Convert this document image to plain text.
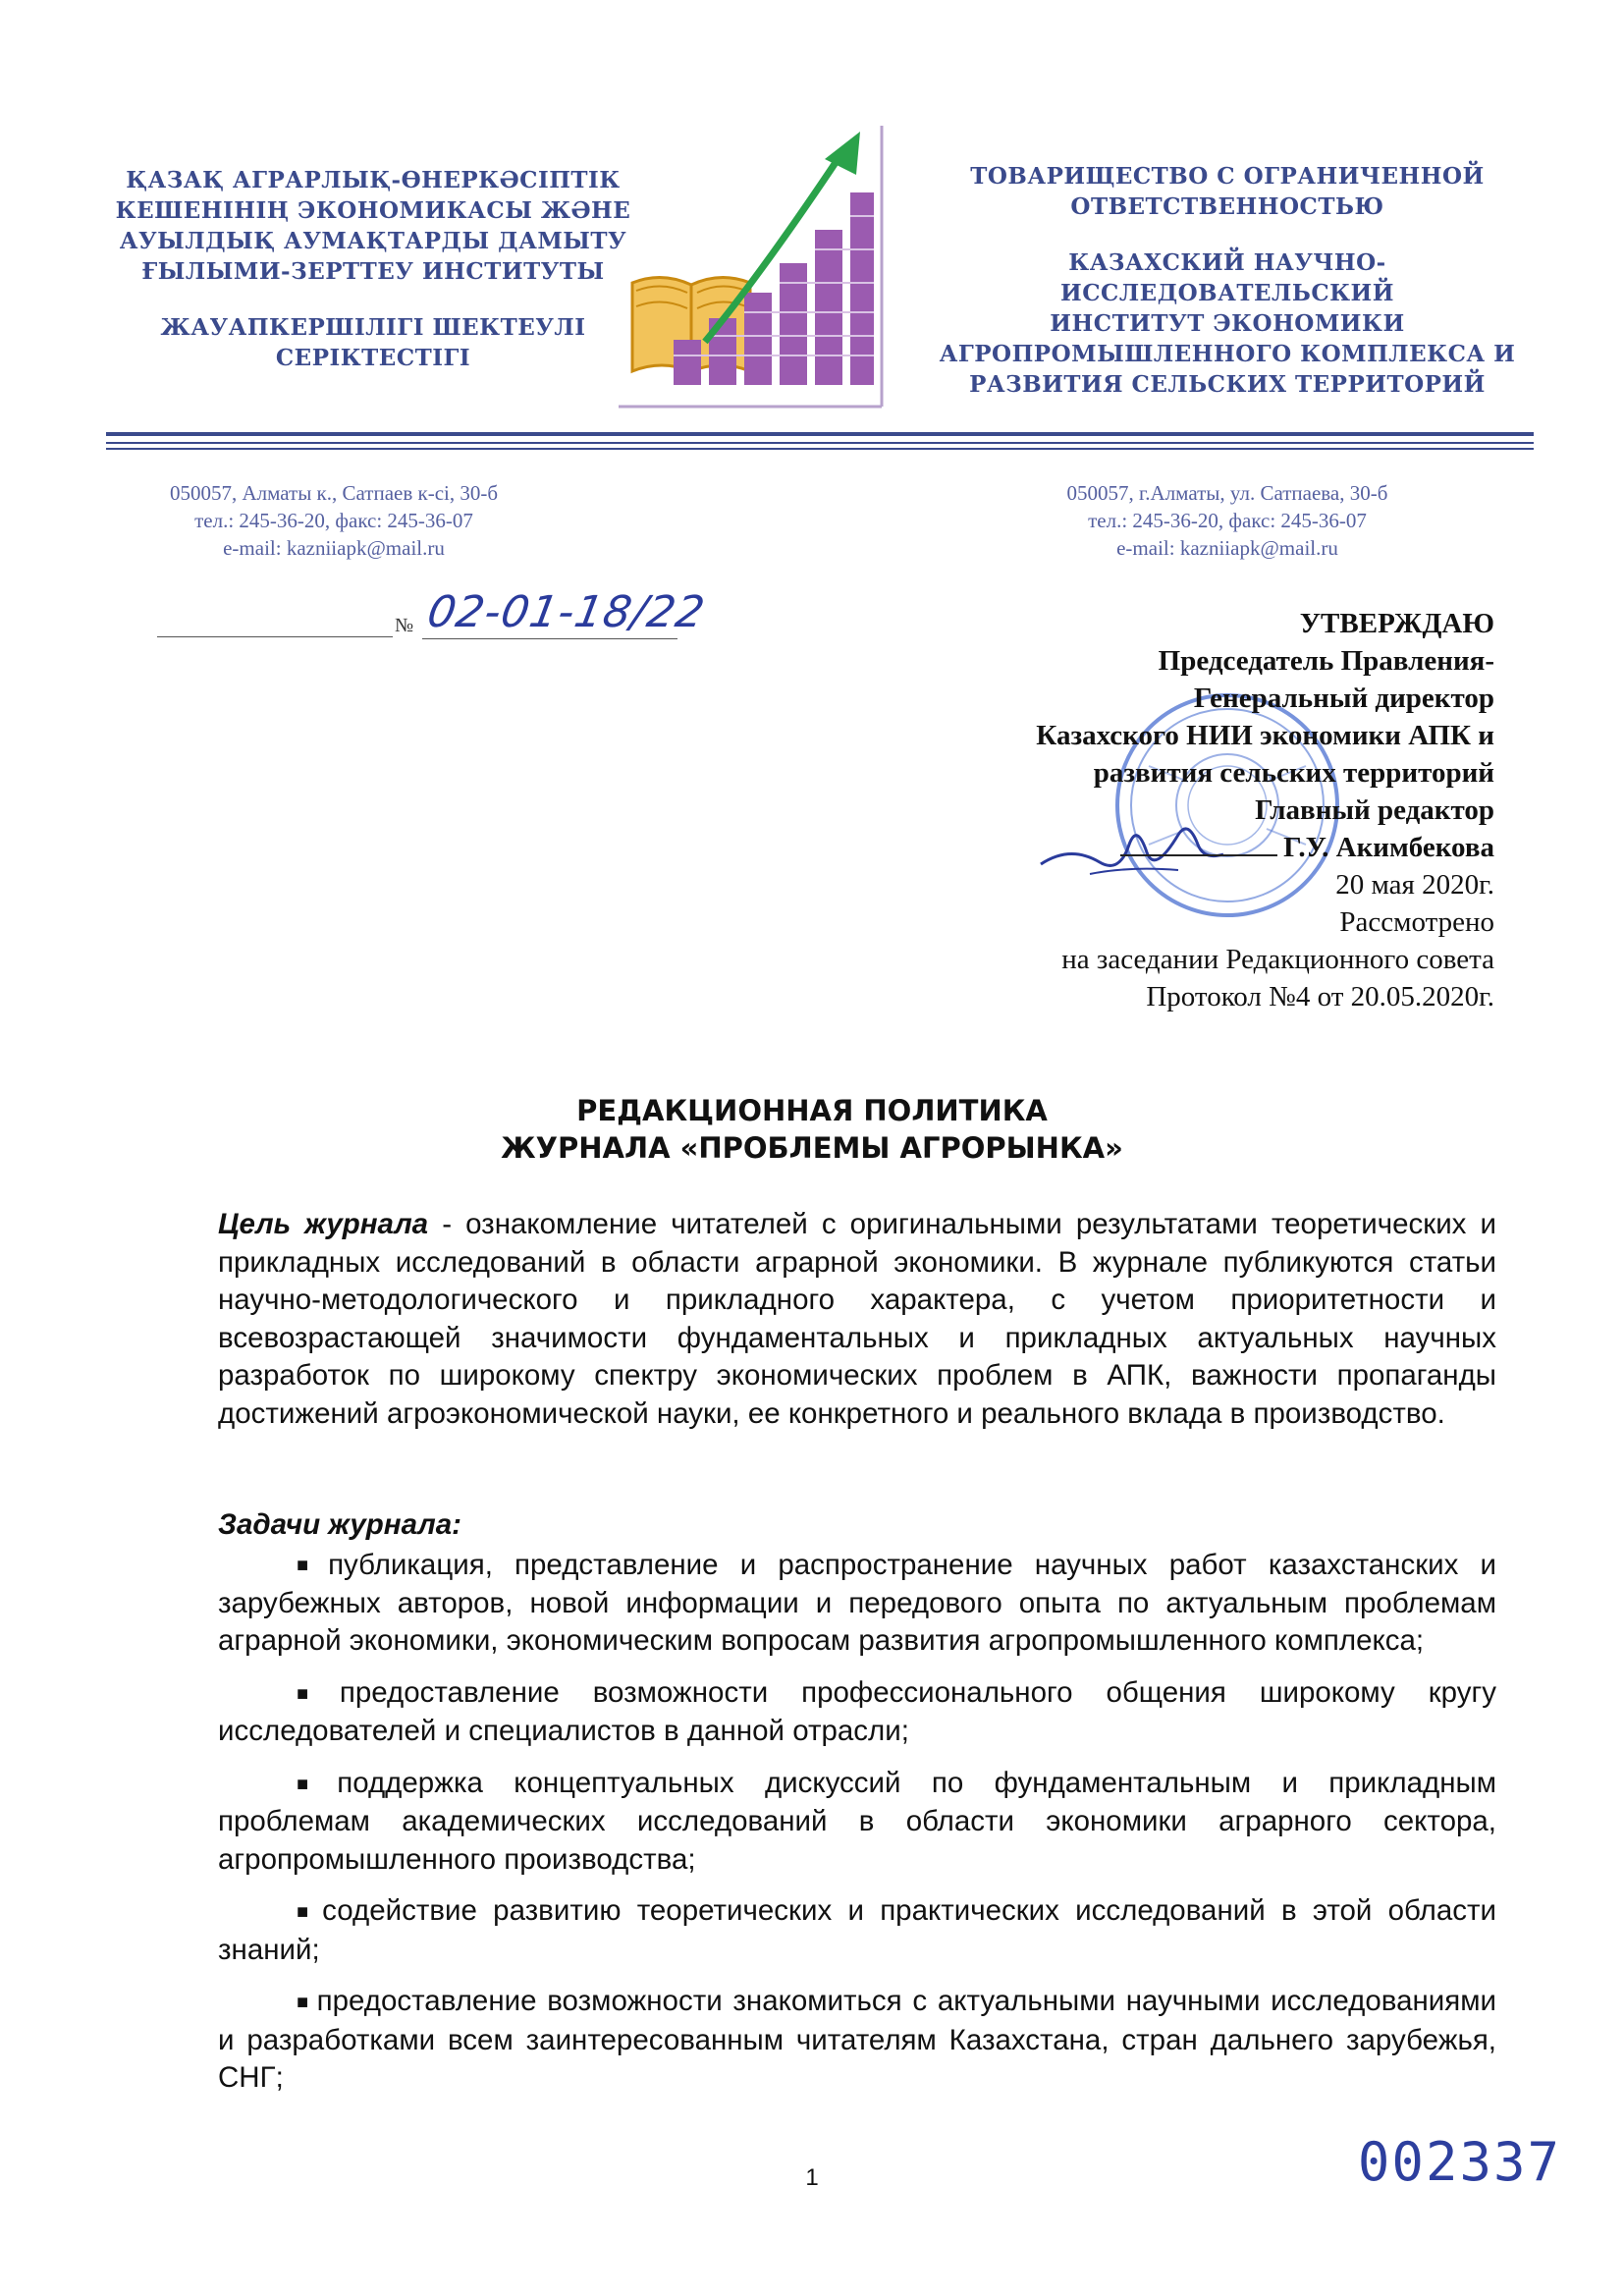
ҚАЗАҚ АГРАРЛЫҚ-ӨНЕРКӘСІПТІК
КЕШЕНІНІҢ ЭКОНОМИКАСЫ ЖӘНЕ
АУЫЛДЫҚ АУМАҚТАРДЫ ДАМЫТУ
ҒЫЛЫМИ-ЗЕРТТЕУ ИНСТИТУТЫ
ЖАУАПКЕРШІЛІГІ ШЕКТЕУЛІ
СЕРІКТЕСТІГІ
ТОВАРИЩЕСТВО С ОГРАНИЧЕННОЙ
ОТВЕТСТВЕННОСТЬЮ
КАЗАХСКИЙ НАУЧНО-ИССЛЕДОВАТЕЛЬСКИЙ
ИНСТИТУТ ЭКОНОМИКИ
АГРОПРОМЫШЛЕННОГО КОМПЛЕКСА И
РАЗВИТИЯ СЕЛЬСКИХ ТЕРРИТОРИЙ
050057, Алматы к., Сатпаев к-сі, 30-б
тел.: 245-36-20, факс: 245-36-07
e-mail: kazniiapk@mail.ru
050057, г.Алматы, ул. Сатпаева, 30-б
тел.: 245-36-20, факс: 245-36-07
e-mail: kazniiapk@mail.ru
№ 02-01-18/22	УТВЕРЖДАЮ
Председатель Правления-
Генеральный директор
Казахского НИИ экономики АПК и
развития сельских территорий
Главный редактор
Г.У. Акимбекова
20 мая 2020г.
Рассмотрено
на заседании Редакционного совета
Протокол №4 от 20.05.2020г.
РЕДАКЦИОННАЯ ПОЛИТИКА
ЖУРНАЛА «ПРОБЛЕМЫ АГРОРЫНКА»

Цель журнала - ознакомление читателей с оригинальными результатами теоретических и прикладных исследований в области аграрной экономики. В журнале публикуются статьи научно-методологического и прикладного характера, с учетом приоритетности и всевозрастающей значимости фундаментальных и прикладных актуальных научных разработок по широкому спектру экономических проблем в АПК, важности пропаганды достижений агроэкономической науки, ее конкретного и реального вклада в производство.

Задачи журнала:

■ публикация, представление и распространение научных работ казахстанских и зарубежных авторов, новой информации и передового опыта по актуальным проблемам аграрной экономики, экономическим вопросам развития агропромышленного комплекса;

■ предоставление возможности профессионального общения широкому кругу исследователей и специалистов в данной отрасли;

■ поддержка концептуальных дискуссий по фундаментальным и прикладным проблемам академических исследований в области экономики аграрного сектора, агропромышленного производства;

■ содействие развитию теоретических и практических исследований в этой области знаний;

■ предоставление возможности знакомиться с актуальными научными исследованиями и разработками всем заинтересованным читателям Казахстана, стран дальнего зарубежья, СНГ;

1	002337
